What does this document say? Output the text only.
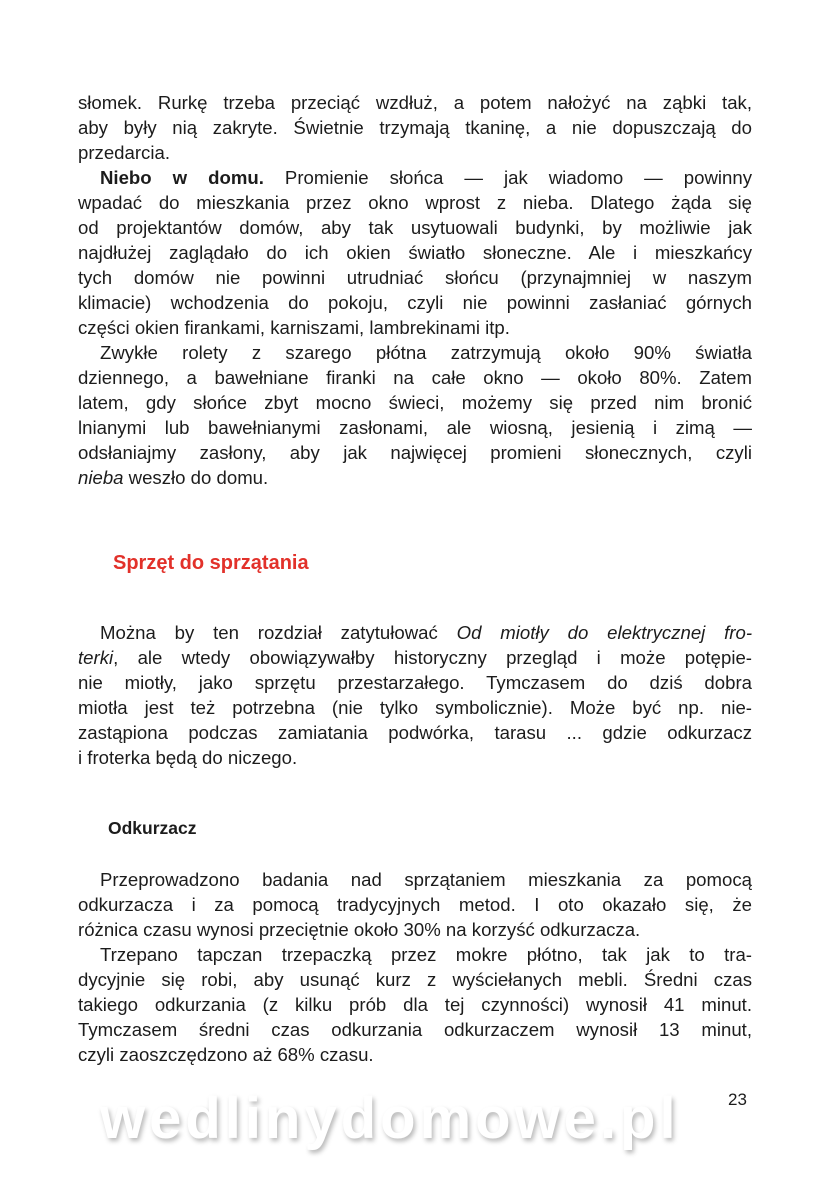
słomek. Rurkę trzeba przeciąć wzdłuż, a potem nałożyć na ząbki tak,
aby były nią zakryte. Świetnie trzymają tkaninę, a nie dopuszczają do
przedarcia.
Niebo w domu. Promienie słońca — jak wiadomo — powinny
wpadać do mieszkania przez okno wprost z nieba. Dlatego żąda się
od projektantów domów, aby tak usytuowali budynki, by możliwie jak
najdłużej zaglądało do ich okien światło słoneczne. Ale i mieszkańcy
tych domów nie powinni utrudniać słońcu (przynajmniej w naszym
klimacie) wchodzenia do pokoju, czyli nie powinni zasłaniać górnych
części okien firankami, karniszami, lambrekinami itp.
Zwykłe rolety z szarego płótna zatrzymują około 90% światła
dziennego, a bawełniane firanki na całe okno — około 80%. Zatem
latem, gdy słońce zbyt mocno świeci, możemy się przed nim bronić
lnianymi lub bawełnianymi zasłonami, ale wiosną, jesienią i zimą —
odsłaniajmy zasłony, aby jak najwięcej promieni słonecznych, czyli
nieba weszło do domu.
Sprzęt do sprzątania
Można by ten rozdział zatytułować Od miotły do elektrycznej fro-
terki, ale wtedy obowiązywałby historyczny przegląd i może potępie-
nie miotły, jako sprzętu przestarzałego. Tymczasem do dziś dobra
miotła jest też potrzebna (nie tylko symbolicznie). Może być np. nie-
zastąpiona podczas zamiatania podwórka, tarasu ... gdzie odkurzacz
i froterka będą do niczego.
Odkurzacz
Przeprowadzono badania nad sprzątaniem mieszkania za pomocą
odkurzacza i za pomocą tradycyjnych metod. I oto okazało się, że
różnica czasu wynosi przeciętnie około 30% na korzyść odkurzacza.
Trzepano tapczan trzepaczką przez mokre płótno, tak jak to tra-
dycyjnie się robi, aby usunąć kurz z wyściełanych mebli. Średni czas
takiego odkurzania (z kilku prób dla tej czynności) wynosił 41 minut.
Tymczasem średni czas odkurzania odkurzaczem wynosił 13 minut,
czyli zaoszczędzono aż 68% czasu.
wedlinydomowe.pl	23
